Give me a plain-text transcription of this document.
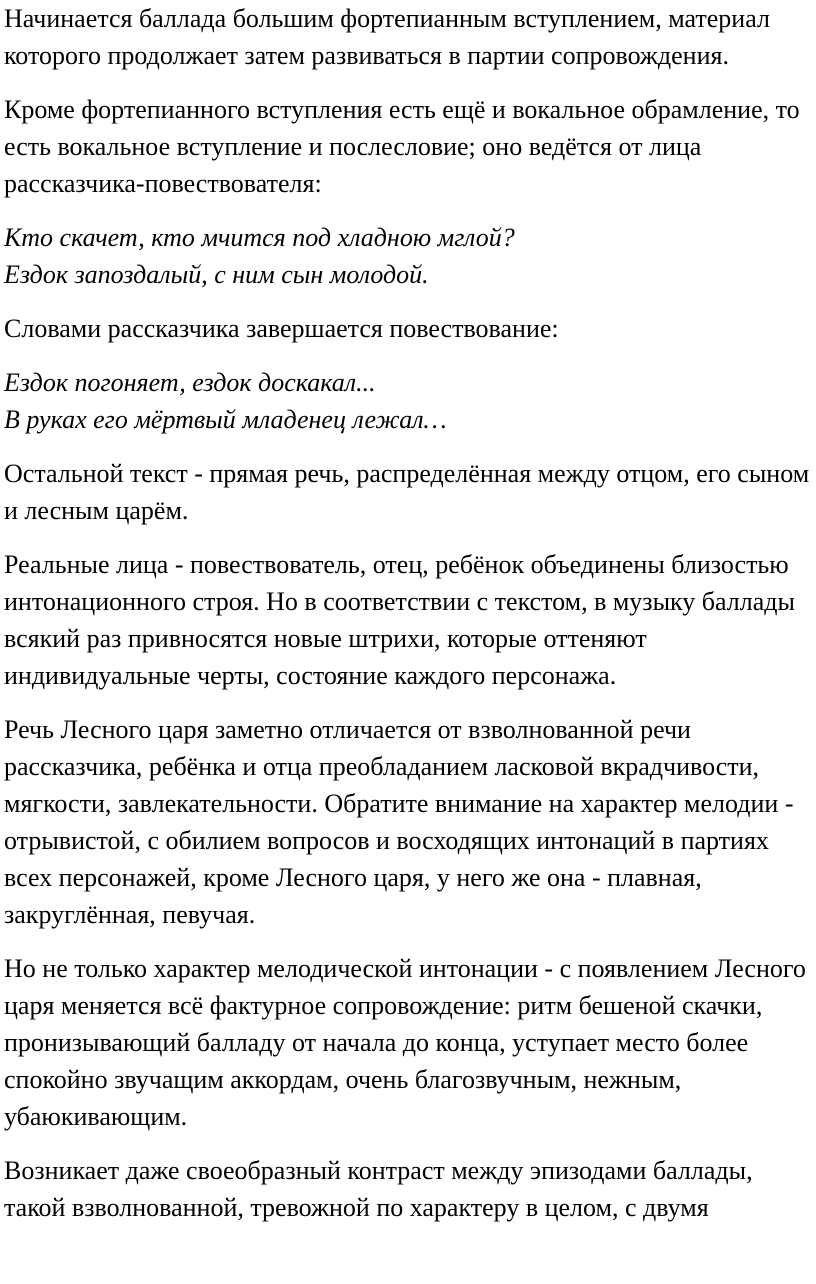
Начинается баллада большим фортепианным вступлением, материал которого продолжает затем развиваться в партии сопровождения.

Кроме фортепианного вступления есть ещё и вокальное обрамление, то есть вокальное вступление и послесловие; оно ведётся от лица рассказчика-повествователя:

Кто скачет, кто мчится под хладною мглой?
Ездок запоздалый, с ним сын молодой.

Словами рассказчика завершается повествование:

Ездок погоняет, ездок доскакал...
В руках его мёртвый младенец лежал…

Остальной текст - прямая речь, распределённая между отцом, его сыном и лесным царём.

Реальные лица - повествователь, отец, ребёнок объединены близостью интонационного строя. Но в соответствии с текстом, в музыку баллады всякий раз привносятся новые штрихи, которые оттеняют индивидуальные черты, состояние каждого персонажа.

Речь Лесного царя заметно отличается от взволнованной речи рассказчика, ребёнка и отца преобладанием ласковой вкрадчивости, мягкости, завлекательности. Обратите внимание на характер мелодии - отрывистой, с обилием вопросов и восходящих интонаций в партиях всех персонажей, кроме Лесного царя, у него же она - плавная, закруглённая, певучая.

Но не только характер мелодической интонации - с появлением Лесного царя меняется всё фактурное сопровождение: ритм бешеной скачки, пронизывающий балладу от начала до конца, уступает место более спокойно звучащим аккордам, очень благозвучным, нежным, убаюкивающим.

Возникает даже своеобразный контраст между эпизодами баллады, такой взволнованной, тревожной по характеру в целом, с двумя
